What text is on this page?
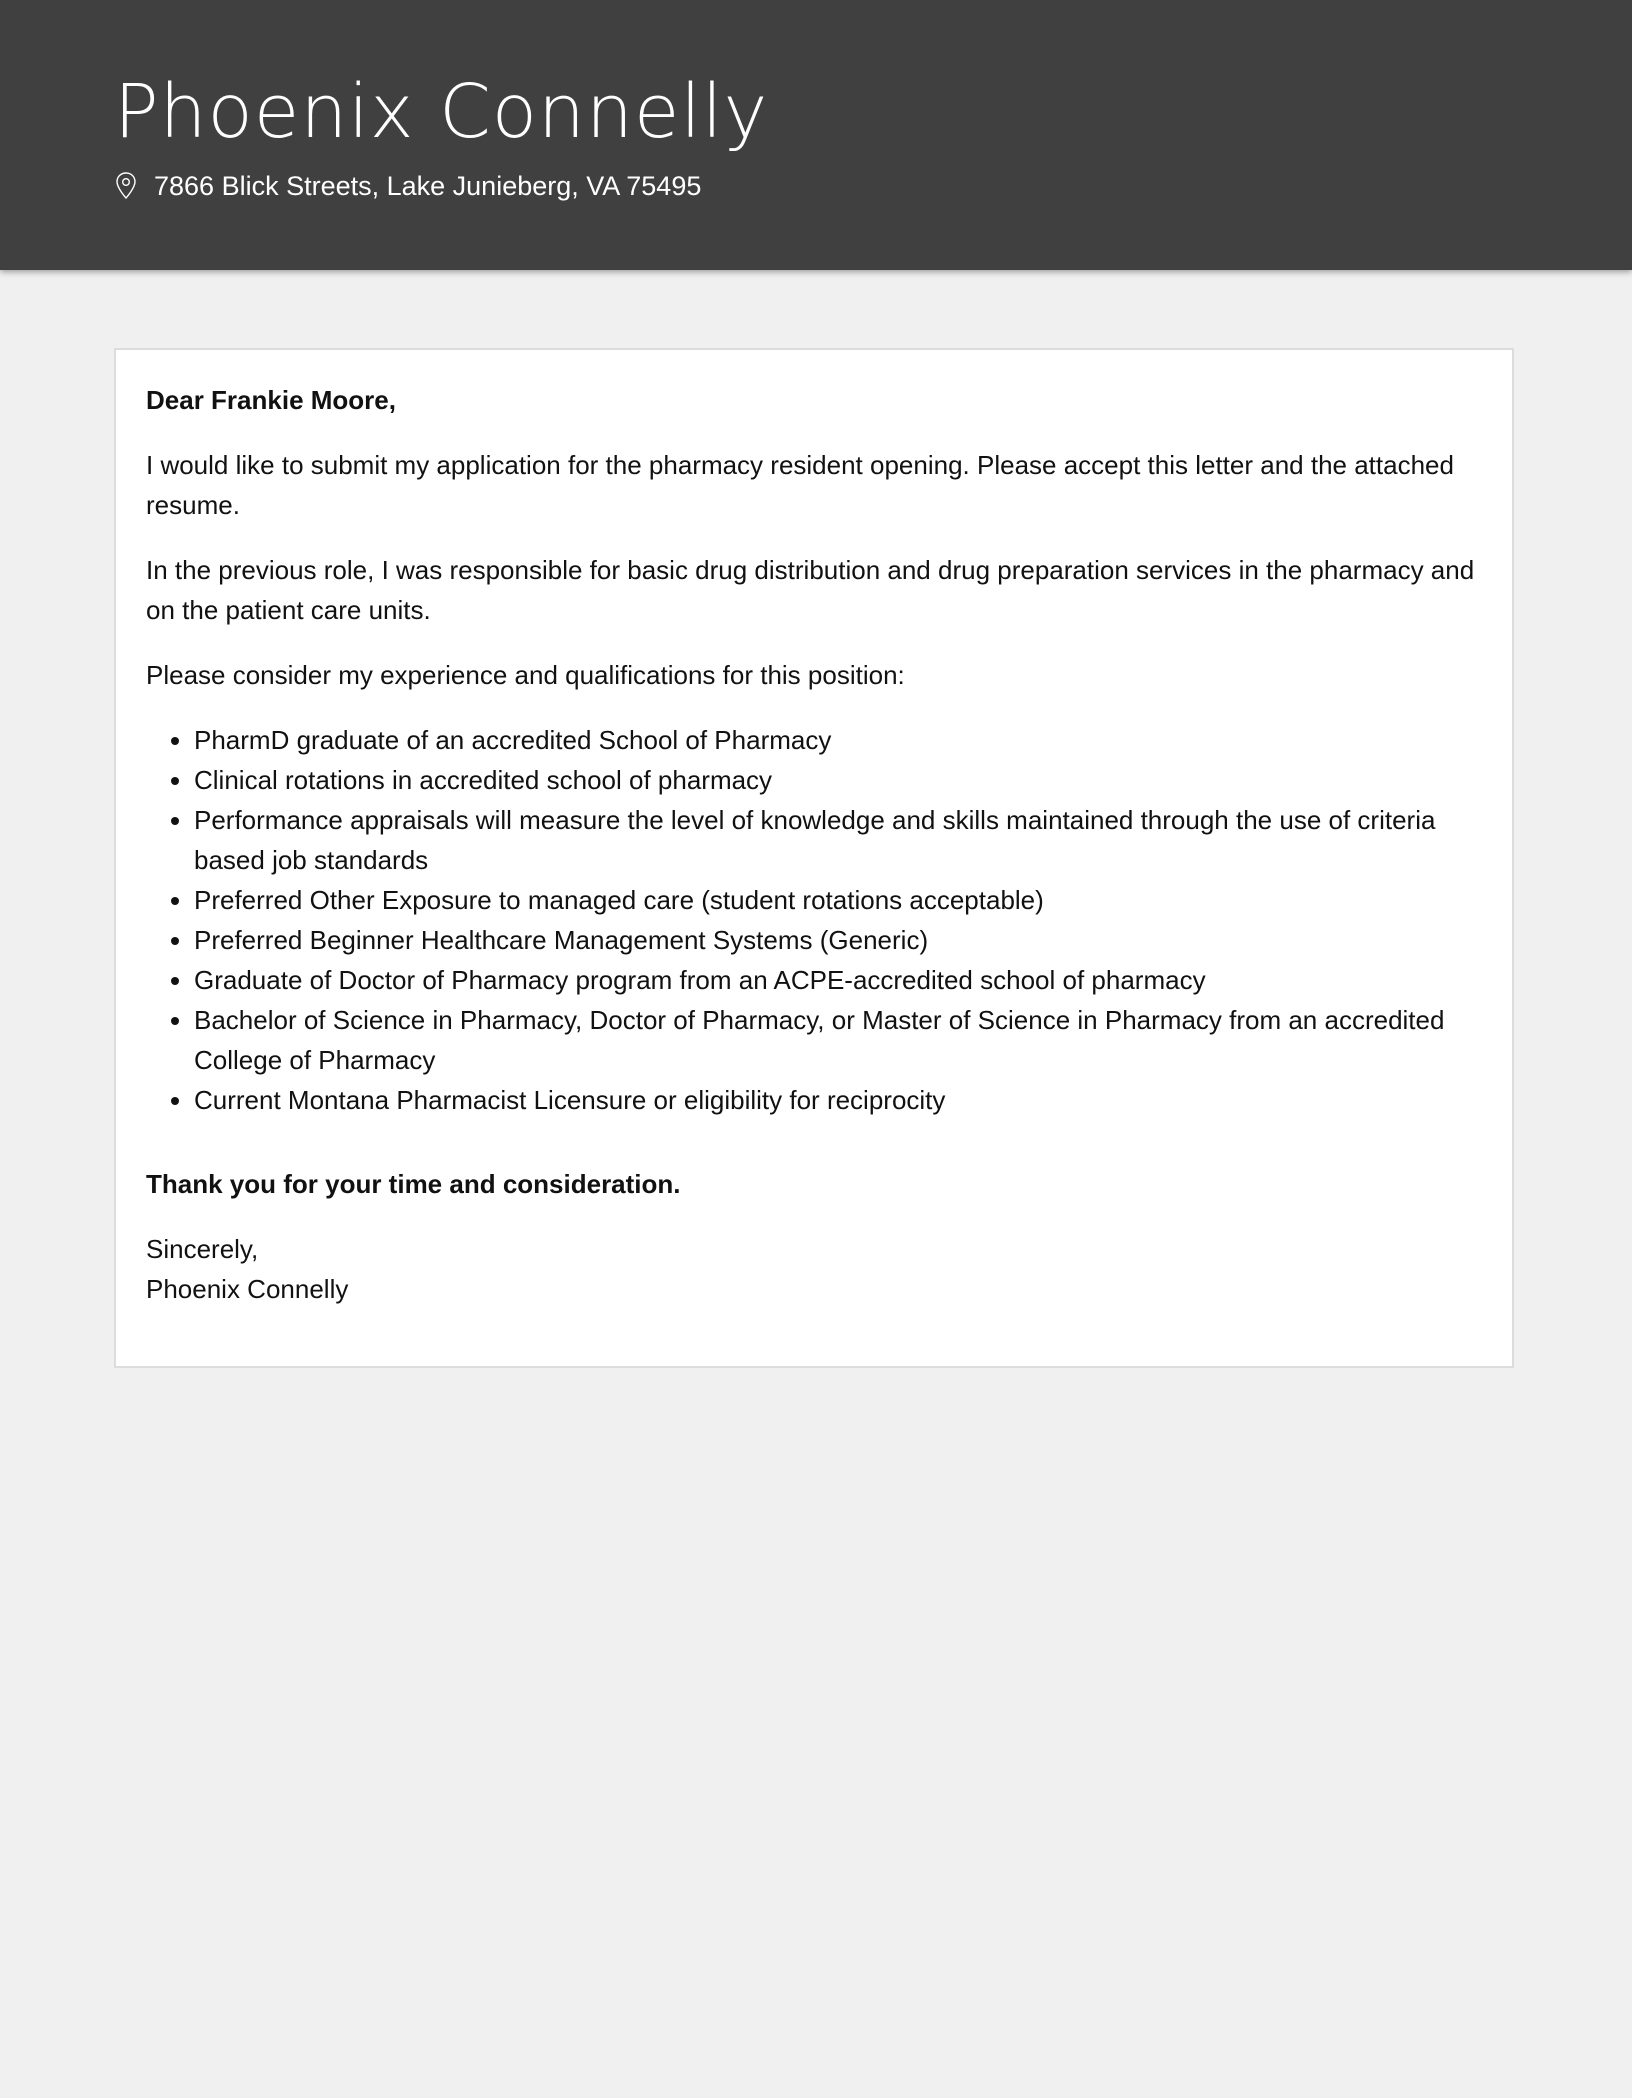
Phoenix Connelly
7866 Blick Streets, Lake Junieberg, VA 75495

Dear Frankie Moore,

I would like to submit my application for the pharmacy resident opening. Please accept this letter and the attached resume.

In the previous role, I was responsible for basic drug distribution and drug preparation services in the pharmacy and on the patient care units.

Please consider my experience and qualifications for this position:

• PharmD graduate of an accredited School of Pharmacy
• Clinical rotations in accredited school of pharmacy
• Performance appraisals will measure the level of knowledge and skills maintained through the use of criteria based job standards
• Preferred Other Exposure to managed care (student rotations acceptable)
• Preferred Beginner Healthcare Management Systems (Generic)
• Graduate of Doctor of Pharmacy program from an ACPE-accredited school of pharmacy
• Bachelor of Science in Pharmacy, Doctor of Pharmacy, or Master of Science in Pharmacy from an accredited College of Pharmacy
• Current Montana Pharmacist Licensure or eligibility for reciprocity

Thank you for your time and consideration.

Sincerely,
Phoenix Connelly
